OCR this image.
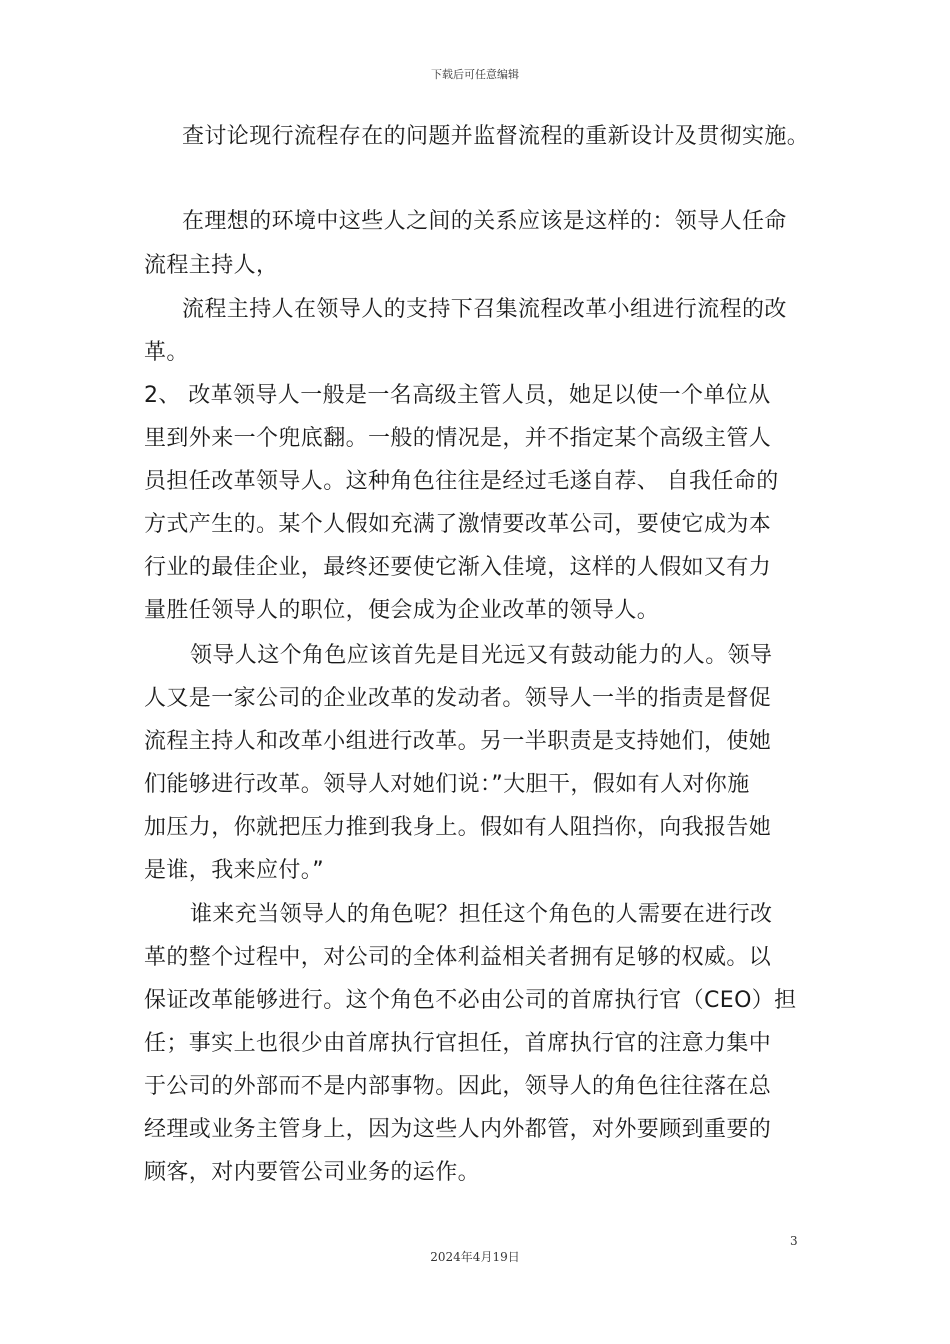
下载后可任意编辑
查讨论现行流程存在的问题并监督流程的重新设计及贯彻实施。
在理想的环境中这些人之间的关系应该是这样的：领导人任命
流程主持人，
流程主持人在领导人的支持下召集流程改革小组进行流程的改
革。
2、 改革领导人一般是一名高级主管人员，她足以使一个单位从
里到外来一个兜底翻。一般的情况是，并不指定某个高级主管人
员担任改革领导人。这种角色往往是经过毛遂自荐、 自我任命的
方式产生的。某个人假如充满了激情要改革公司，要使它成为本
行业的最佳企业，最终还要使它渐入佳境，这样的人假如又有力
量胜任领导人的职位，便会成为企业改革的领导人。
领导人这个角色应该首先是目光远又有鼓动能力的人。领导
人又是一家公司的企业改革的发动者。领导人一半的指责是督促
流程主持人和改革小组进行改革。另一半职责是支持她们，使她
们能够进行改革。领导人对她们说：”大胆干，假如有人对你施
加压力，你就把压力推到我身上。假如有人阻挡你，向我报告她
是谁，我来应付。”
谁来充当领导人的角色呢？担任这个角色的人需要在进行改
革的整个过程中，对公司的全体利益相关者拥有足够的权威。以
保证改革能够进行。这个角色不必由公司的首席执行官（CEO）担
任；事实上也很少由首席执行官担任，首席执行官的注意力集中
于公司的外部而不是内部事物。因此，领导人的角色往往落在总
经理或业务主管身上，因为这些人内外都管，对外要顾到重要的
顾客，对内要管公司业务的运作。
3
2024年4月19日
